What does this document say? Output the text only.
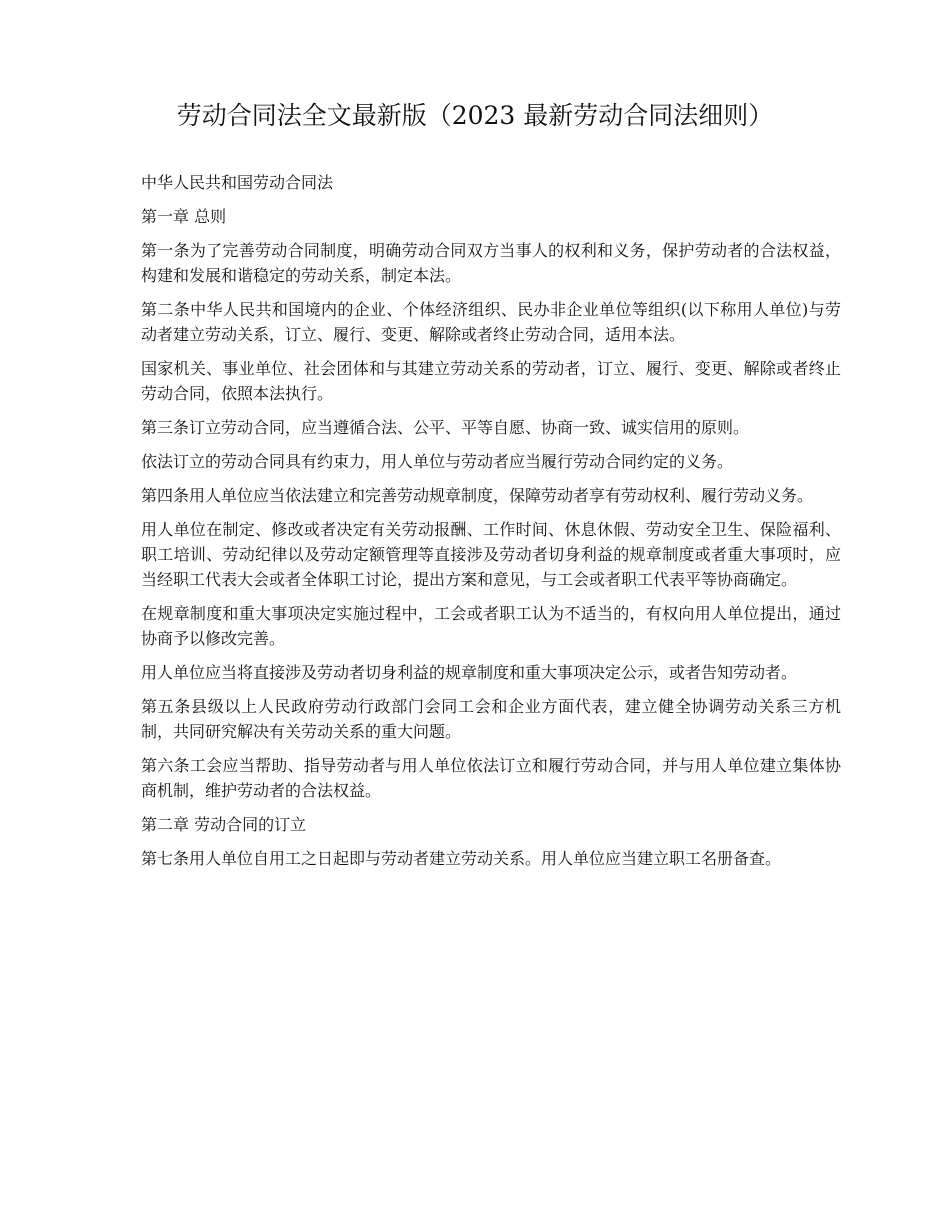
劳动合同法全文最新版（2023 最新劳动合同法细则）

中华人民共和国劳动合同法

第一章 总则

第一条为了完善劳动合同制度，明确劳动合同双方当事人的权利和义务，保护劳动者的合法权益，构建和发展和谐稳定的劳动关系，制定本法。

第二条中华人民共和国境内的企业、个体经济组织、民办非企业单位等组织(以下称用人单位)与劳动者建立劳动关系，订立、履行、变更、解除或者终止劳动合同，适用本法。

国家机关、事业单位、社会团体和与其建立劳动关系的劳动者，订立、履行、变更、解除或者终止劳动合同，依照本法执行。

第三条订立劳动合同，应当遵循合法、公平、平等自愿、协商一致、诚实信用的原则。

依法订立的劳动合同具有约束力，用人单位与劳动者应当履行劳动合同约定的义务。

第四条用人单位应当依法建立和完善劳动规章制度，保障劳动者享有劳动权利、履行劳动义务。

用人单位在制定、修改或者决定有关劳动报酬、工作时间、休息休假、劳动安全卫生、保险福利、职工培训、劳动纪律以及劳动定额管理等直接涉及劳动者切身利益的规章制度或者重大事项时，应当经职工代表大会或者全体职工讨论，提出方案和意见，与工会或者职工代表平等协商确定。

在规章制度和重大事项决定实施过程中，工会或者职工认为不适当的，有权向用人单位提出，通过协商予以修改完善。

用人单位应当将直接涉及劳动者切身利益的规章制度和重大事项决定公示，或者告知劳动者。

第五条县级以上人民政府劳动行政部门会同工会和企业方面代表，建立健全协调劳动关系三方机制，共同研究解决有关劳动关系的重大问题。

第六条工会应当帮助、指导劳动者与用人单位依法订立和履行劳动合同，并与用人单位建立集体协商机制，维护劳动者的合法权益。

第二章 劳动合同的订立

第七条用人单位自用工之日起即与劳动者建立劳动关系。用人单位应当建立职工名册备查。
